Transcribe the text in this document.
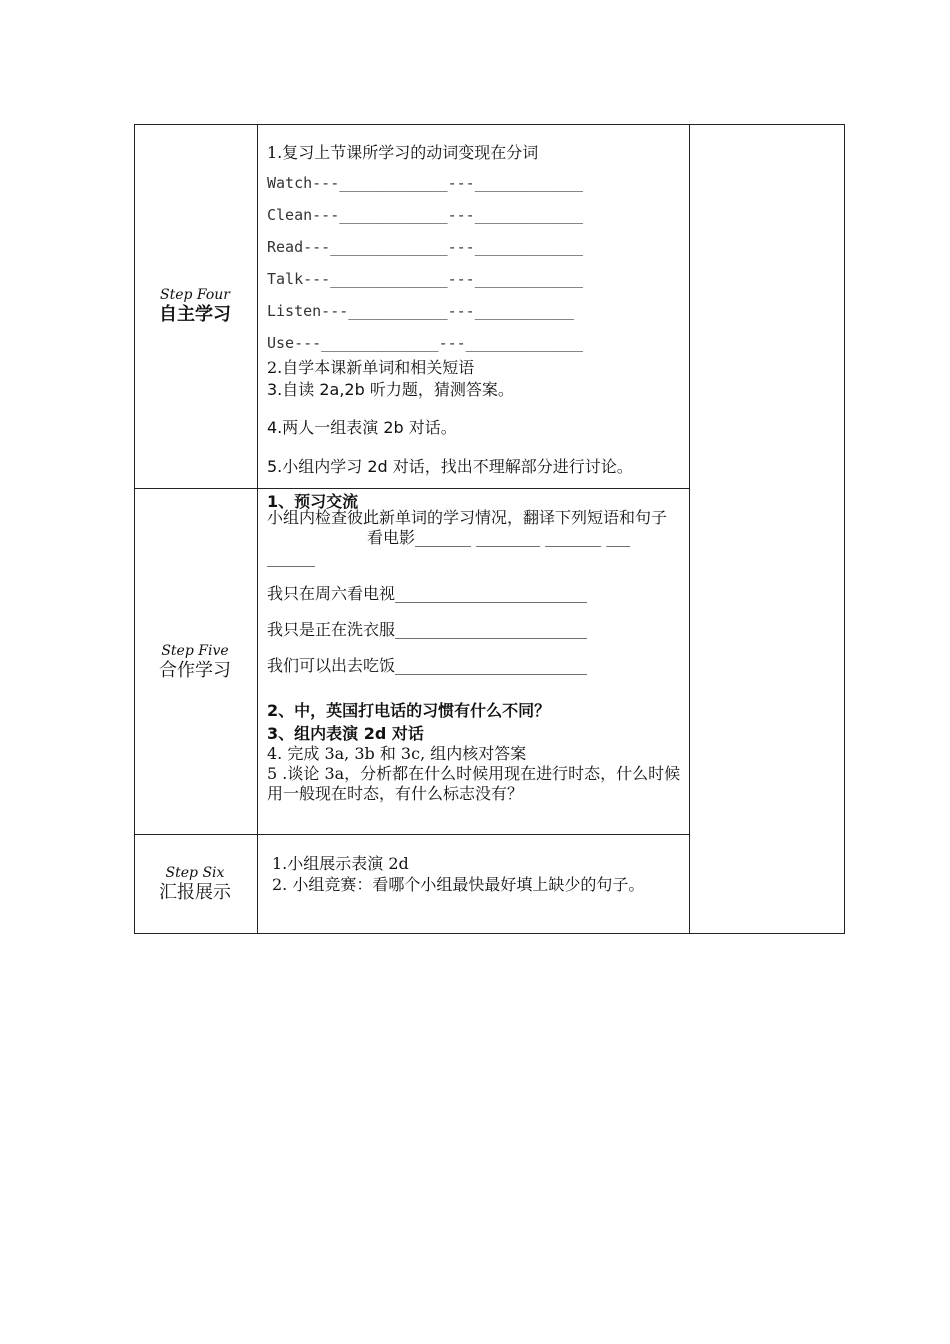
Step Four
自主学习
1.复习上节课所学习的动词变现在分词
Watch---____________---____________
Clean---____________---____________
Read---_____________---____________
Talk---_____________---____________
Listen---___________---___________
Use---_____________---_____________
2.自学本课新单词和相关短语
3.自读 2a,2b 听力题，猜测答案。
4.两人一组表演 2b 对话。
5.小组内学习 2d 对话，找出不理解部分进行讨论。
Step Five
合作学习
1、预习交流
小组内检查彼此新单词的学习情况，翻译下列短语和句子
看电影_______ ________ _______ ___
______
我只在周六看电视________________________
我只是正在洗衣服________________________
我们可以出去吃饭________________________
2、中，英国打电话的习惯有什么不同？
3、组内表演 2d 对话
4. 完成 3a, 3b 和 3c, 组内核对答案
5 .谈论 3a，分析都在什么时候用现在进行时态，什么时候用一般现在时态，有什么标志没有？
Step Six
汇报展示
1.小组展示表演 2d
2. 小组竞赛：看哪个小组最快最好填上缺少的句子。
